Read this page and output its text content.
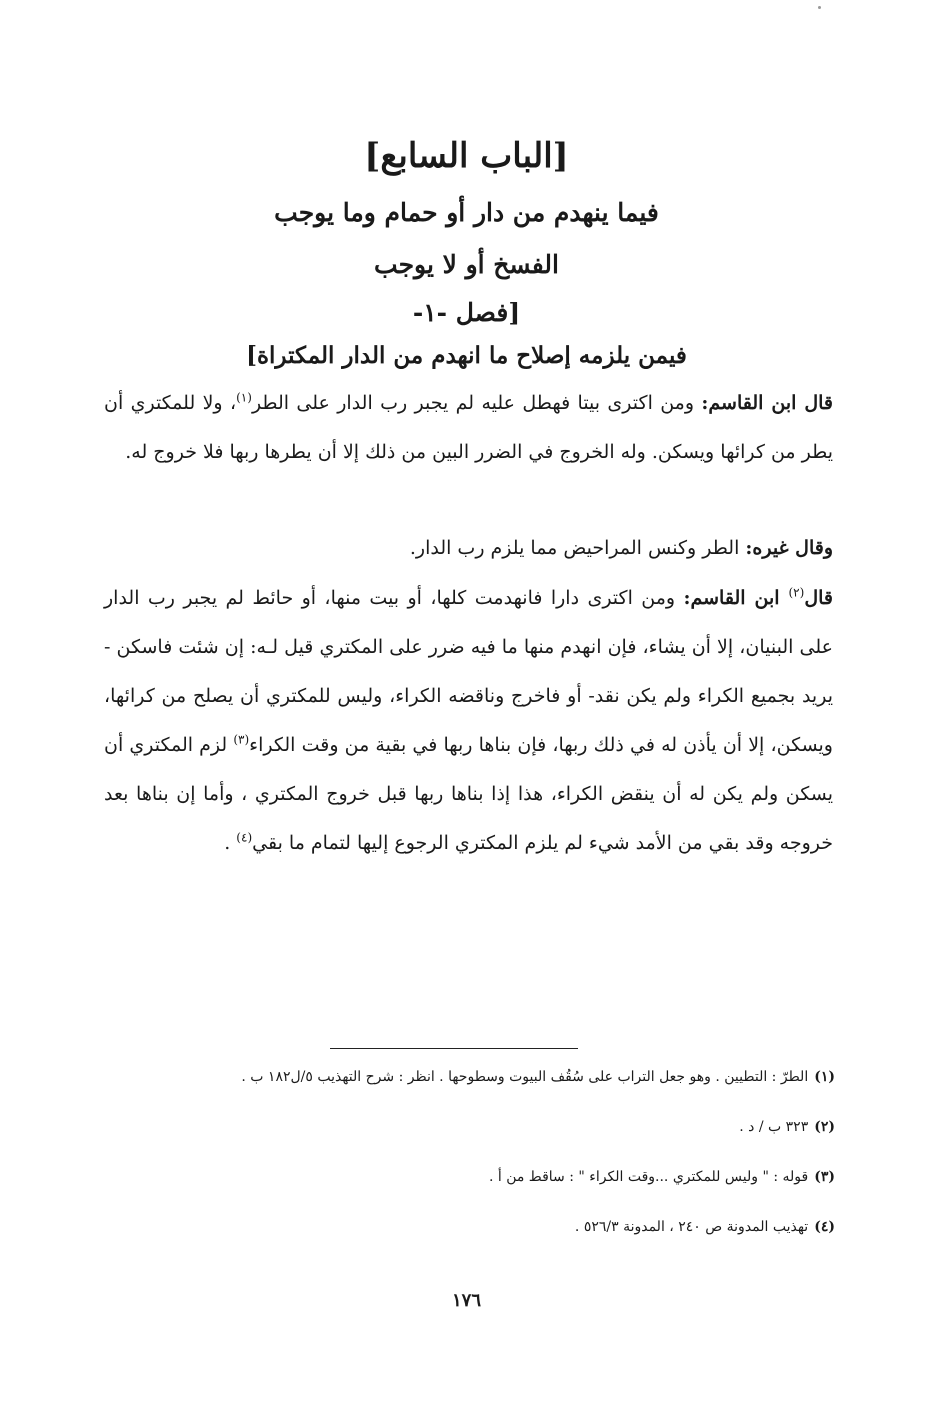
[الباب السابع]
فيما ينهدم من دار أو حمام وما يوجب
الفسخ أو لا يوجب
[فصل -١-
فيمن يلزمه إصلاح ما انهدم من الدار المكتراة]

قال ابن القاسم: ومن اكترى بيتا فهطل عليه لم يجبر رب الدار على الطر$^{(١)}$، ولا للمكتري أن يطر من كرائها ويسكن. وله الخروج في الضرر البين من ذلك إلا أن يطرها ربها فلا خروج له.

وقال غيره: الطر وكنس المراحيض مما يلزم رب الدار.

قال$^{(٢)}$ ابن القاسم: ومن اكترى دارا فانهدمت كلها، أو بيت منها، أو حائط لم يجبر رب الدار على البنيان، إلا أن يشاء، فإن انهدم منها ما فيه ضرر على المكتري قيل لـه: إن شئت فاسكن - يريد بجميع الكراء ولم يكن نقد- أو فاخرج وناقضه الكراء، وليس للمكتري أن يصلح من كرائها، ويسكن، إلا أن يأذن له في ذلك ربها، فإن بناها ربها في بقية من وقت الكراء$^{(٣)}$ لزم المكتري أن يسكن ولم يكن له أن ينقض الكراء، هذا إذا بناها ربها قبل خروج المكتري ، وأما إن بناها بعد خروجه وقد بقي من الأمد شيء لم يلزم المكتري الرجوع إليها لتمام ما بقي$^{(٤)}$ .

(١)الطرّ : التطيين . وهو جعل التراب على سُقُف البيوت وسطوحها . انظر : شرح التهذيب ٥/ل١٨٢ ب .
(٢)٣٢٣ ب / د .
(٣)قوله : " وليس للمكتري ...وقت الكراء " : ساقط من أ .
(٤)تهذيب المدونة ص ٢٤٠ ، المدونة ٥٢٦/٣ .
١٧٦
